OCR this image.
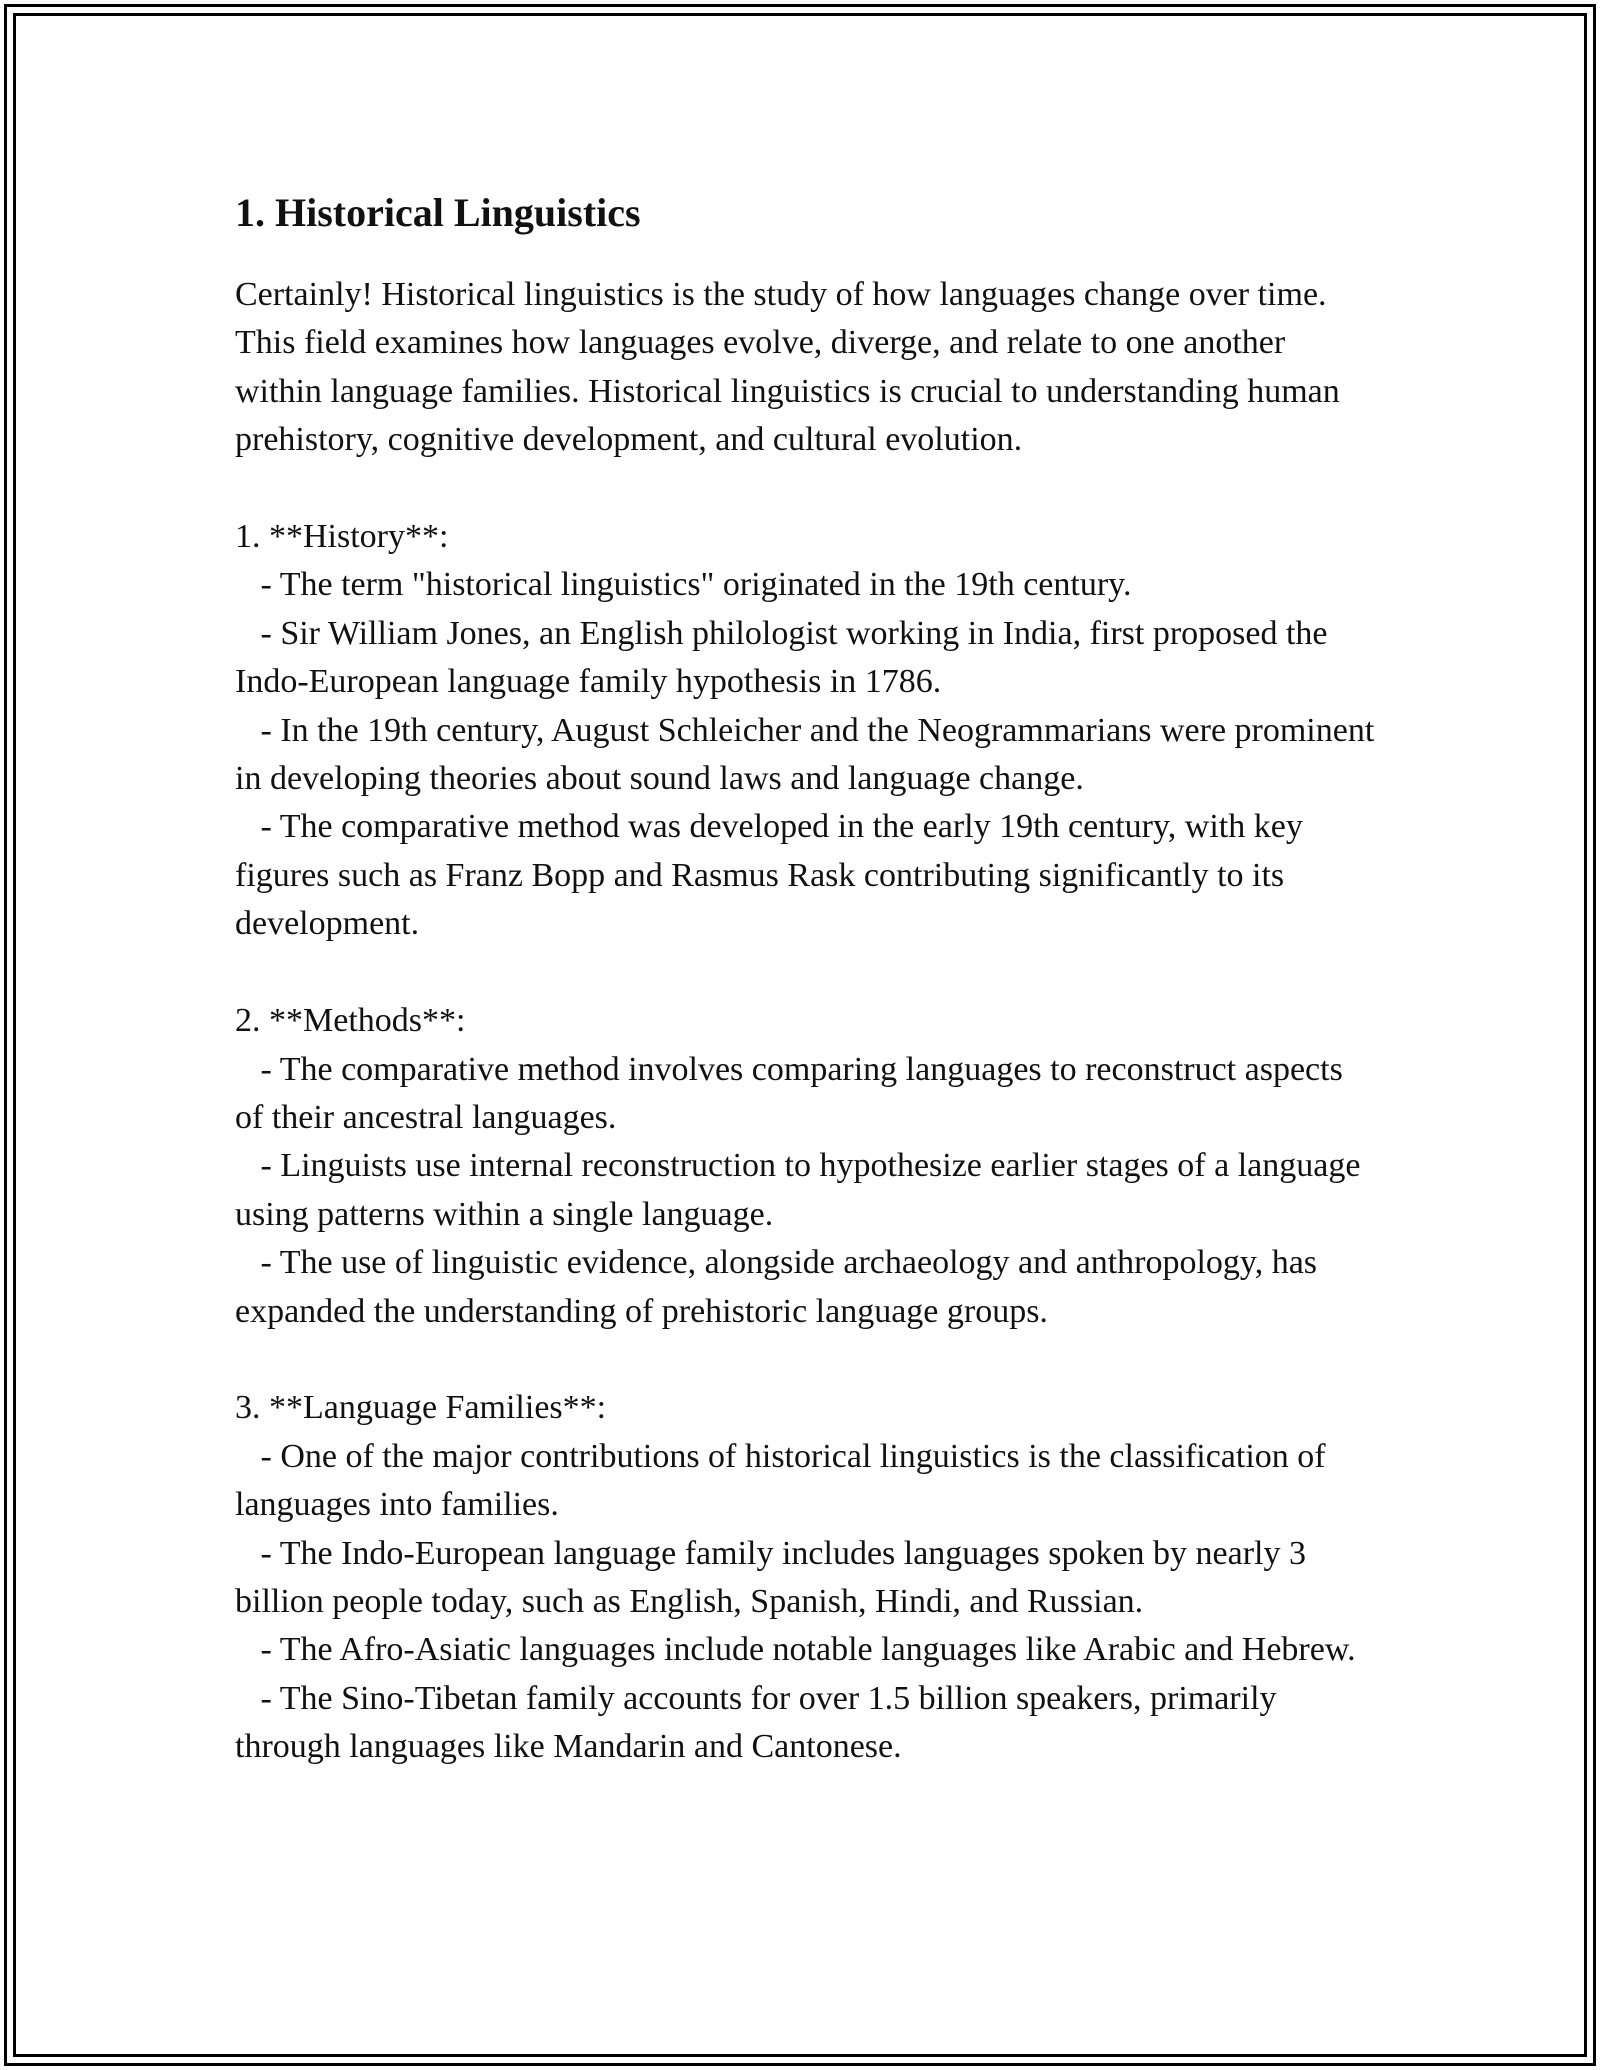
1. Historical Linguistics

Certainly! Historical linguistics is the study of how languages change over time. This field examines how languages evolve, diverge, and relate to one another within language families. Historical linguistics is crucial to understanding human prehistory, cognitive development, and cultural evolution.

1. **History**:

- The term "historical linguistics" originated in the 19th century.

- Sir William Jones, an English philologist working in India, first proposed the Indo-European language family hypothesis in 1786.

- In the 19th century, August Schleicher and the Neogrammarians were prominent in developing theories about sound laws and language change.

- The comparative method was developed in the early 19th century, with key figures such as Franz Bopp and Rasmus Rask contributing significantly to its development.

2. **Methods**:

- The comparative method involves comparing languages to reconstruct aspects of their ancestral languages.

- Linguists use internal reconstruction to hypothesize earlier stages of a language using patterns within a single language.

- The use of linguistic evidence, alongside archaeology and anthropology, has expanded the understanding of prehistoric language groups.

3. **Language Families**:

- One of the major contributions of historical linguistics is the classification of languages into families.

- The Indo-European language family includes languages spoken by nearly 3 billion people today, such as English, Spanish, Hindi, and Russian.

- The Afro-Asiatic languages include notable languages like Arabic and Hebrew.

- The Sino-Tibetan family accounts for over 1.5 billion speakers, primarily through languages like Mandarin and Cantonese.
